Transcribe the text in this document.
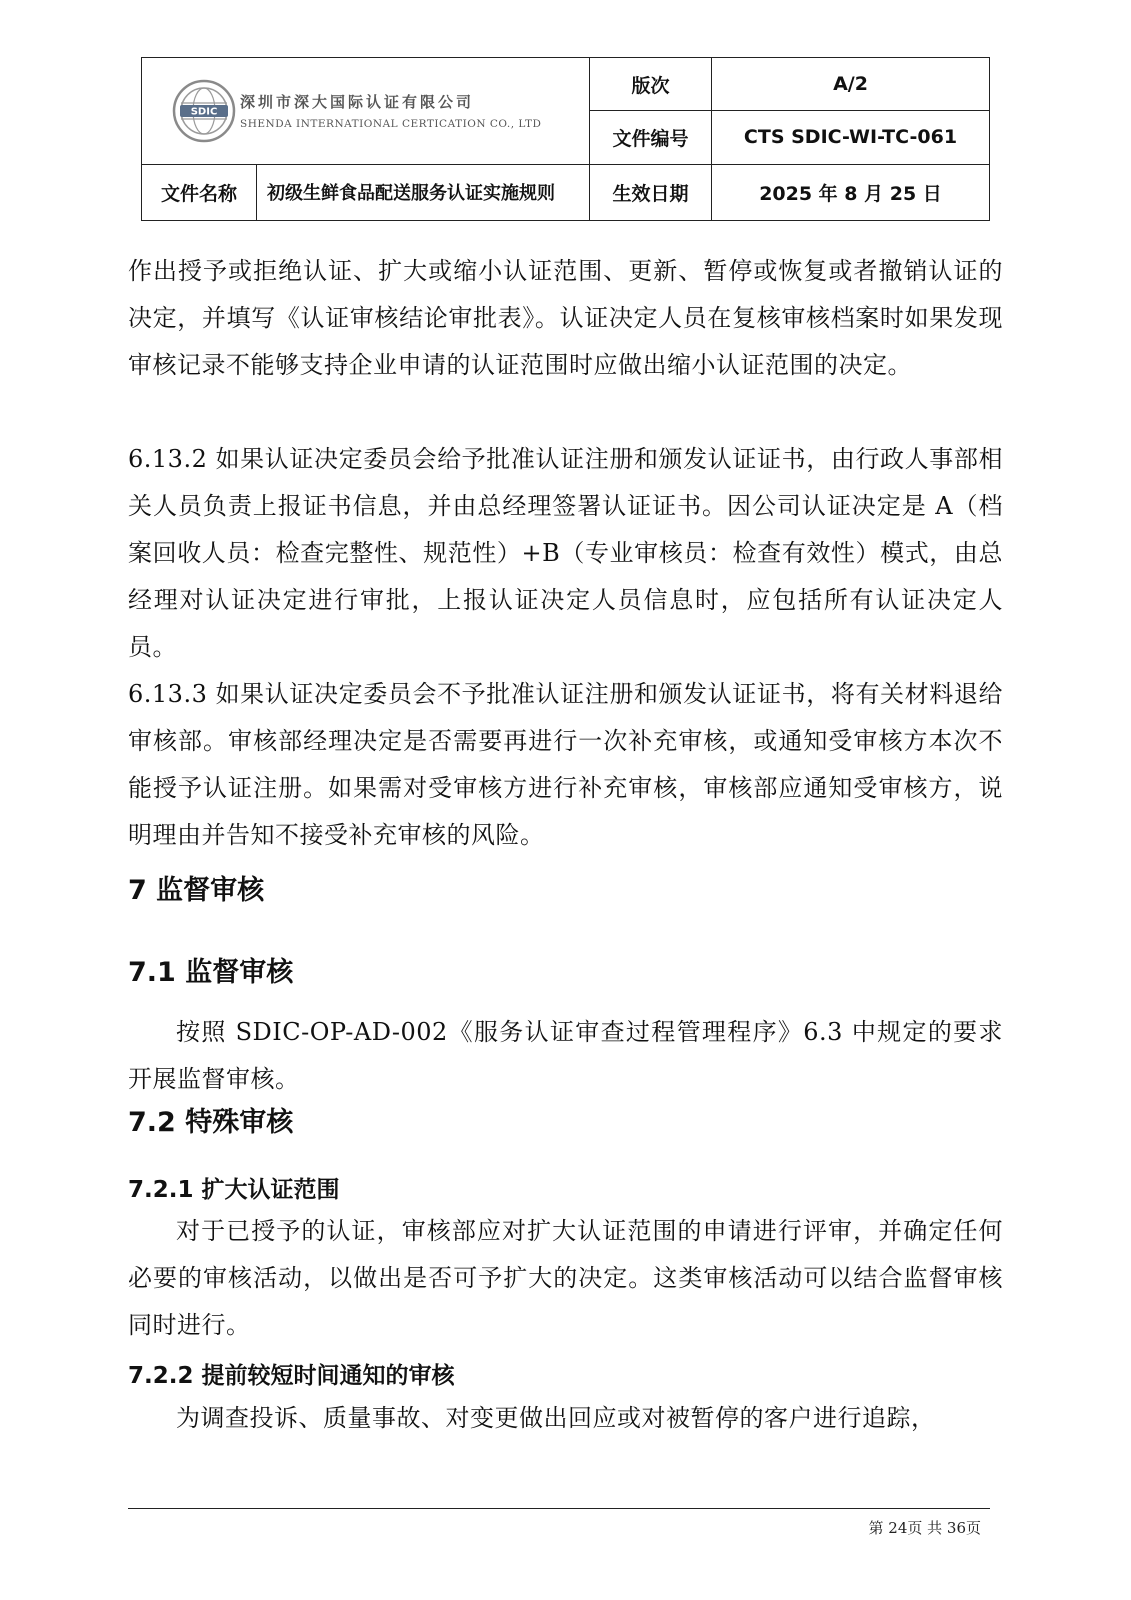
SDIC
深圳市深大国际认证有限公司
SHENDA INTERNATIONAL CERTICATION CO., LTD		版次	A/2
		文件编号	CTS SDIC-WI-TC-061
文件名称	初级生鲜食品配送服务认证实施规则	生效日期	2025 年 8 月 25 日

作出授予或拒绝认证、扩大或缩小认证范围、更新、暂停或恢复或者撤销认证的决定，并填写《认证审核结论审批表》。认证决定人员在复核审核档案时如果发现审核记录不能够支持企业申请的认证范围时应做出缩小认证范围的决定。

6.13.2 如果认证决定委员会给予批准认证注册和颁发认证证书，由行政人事部相关人员负责上报证书信息，并由总经理签署认证证书。因公司认证决定是 A（档案回收人员：检查完整性、规范性）+B（专业审核员：检查有效性）模式，由总经理对认证决定进行审批，上报认证决定人员信息时，应包括所有认证决定人员。

6.13.3 如果认证决定委员会不予批准认证注册和颁发认证证书，将有关材料退给审核部。审核部经理决定是否需要再进行一次补充审核，或通知受审核方本次不能授予认证注册。如果需对受审核方进行补充审核，审核部应通知受审核方，说明理由并告知不接受补充审核的风险。

7 监督审核
7.1 监督审核

按照 SDIC-OP-AD-002《服务认证审查过程管理程序》6.3 中规定的要求开展监督审核。

7.2 特殊审核
7.2.1 扩大认证范围

对于已授予的认证，审核部应对扩大认证范围的申请进行评审，并确定任何必要的审核活动，以做出是否可予扩大的决定。这类审核活动可以结合监督审核同时进行。

7.2.2 提前较短时间通知的审核

为调查投诉、质量事故、对变更做出回应或对被暂停的客户进行追踪，

第 24页 共 36页
